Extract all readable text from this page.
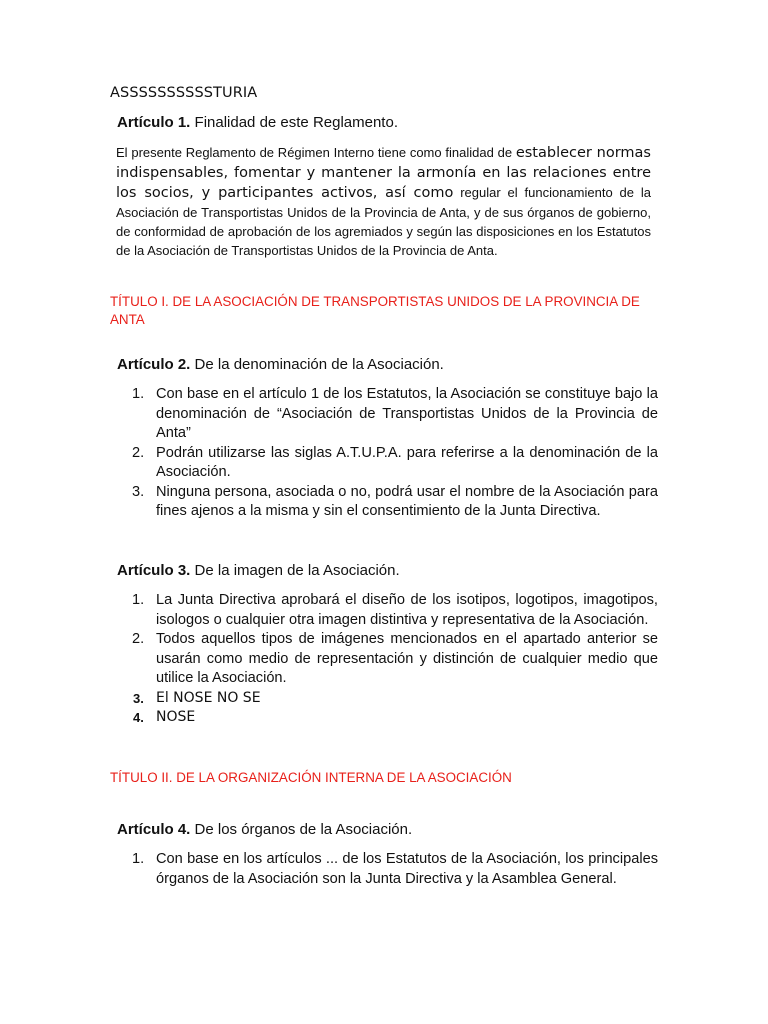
ASSSSSSSSSSTURIA
Artículo 1. Finalidad de este Reglamento.
El presente Reglamento de Régimen Interno tiene como finalidad de establecer normas indispensables, fomentar y mantener la armonía en las relaciones entre los socios, y participantes activos, así como regular el funcionamiento de la Asociación de Transportistas Unidos de la Provincia de Anta, y de sus órganos de gobierno, de conformidad de aprobación de los agremiados y según las disposiciones en los Estatutos de la Asociación de Transportistas Unidos de la Provincia de Anta.
TÍTULO I. DE LA ASOCIACIÓN DE TRANSPORTISTAS UNIDOS DE LA PROVINCIA DE ANTA
Artículo 2. De la denominación de la Asociación.
1. Con base en el artículo 1 de los Estatutos, la Asociación se constituye bajo la denominación de “Asociación de Transportistas Unidos de la Provincia de Anta”
2. Podrán utilizarse las siglas A.T.U.P.A. para referirse a la denominación de la Asociación.
3. Ninguna persona, asociada o no, podrá usar el nombre de la Asociación para fines ajenos a la misma y sin el consentimiento de la Junta Directiva.
Artículo 3. De la imagen de la Asociación.
1. La Junta Directiva aprobará el diseño de los isotipos, logotipos, imagotipos, isologos o cualquier otra imagen distintiva y representativa de la Asociación.
2. Todos aquellos tipos de imágenes mencionados en el apartado anterior se usarán como medio de representación y distinción de cualquier medio que utilice la Asociación.
3. El NOSE NO SE
4. NOSE
TÍTULO II. DE LA ORGANIZACIÓN INTERNA DE LA ASOCIACIÓN
Artículo 4. De los órganos de la Asociación.
1. Con base en los artículos ... de los Estatutos de la Asociación, los principales órganos de la Asociación son la Junta Directiva y la Asamblea General.
